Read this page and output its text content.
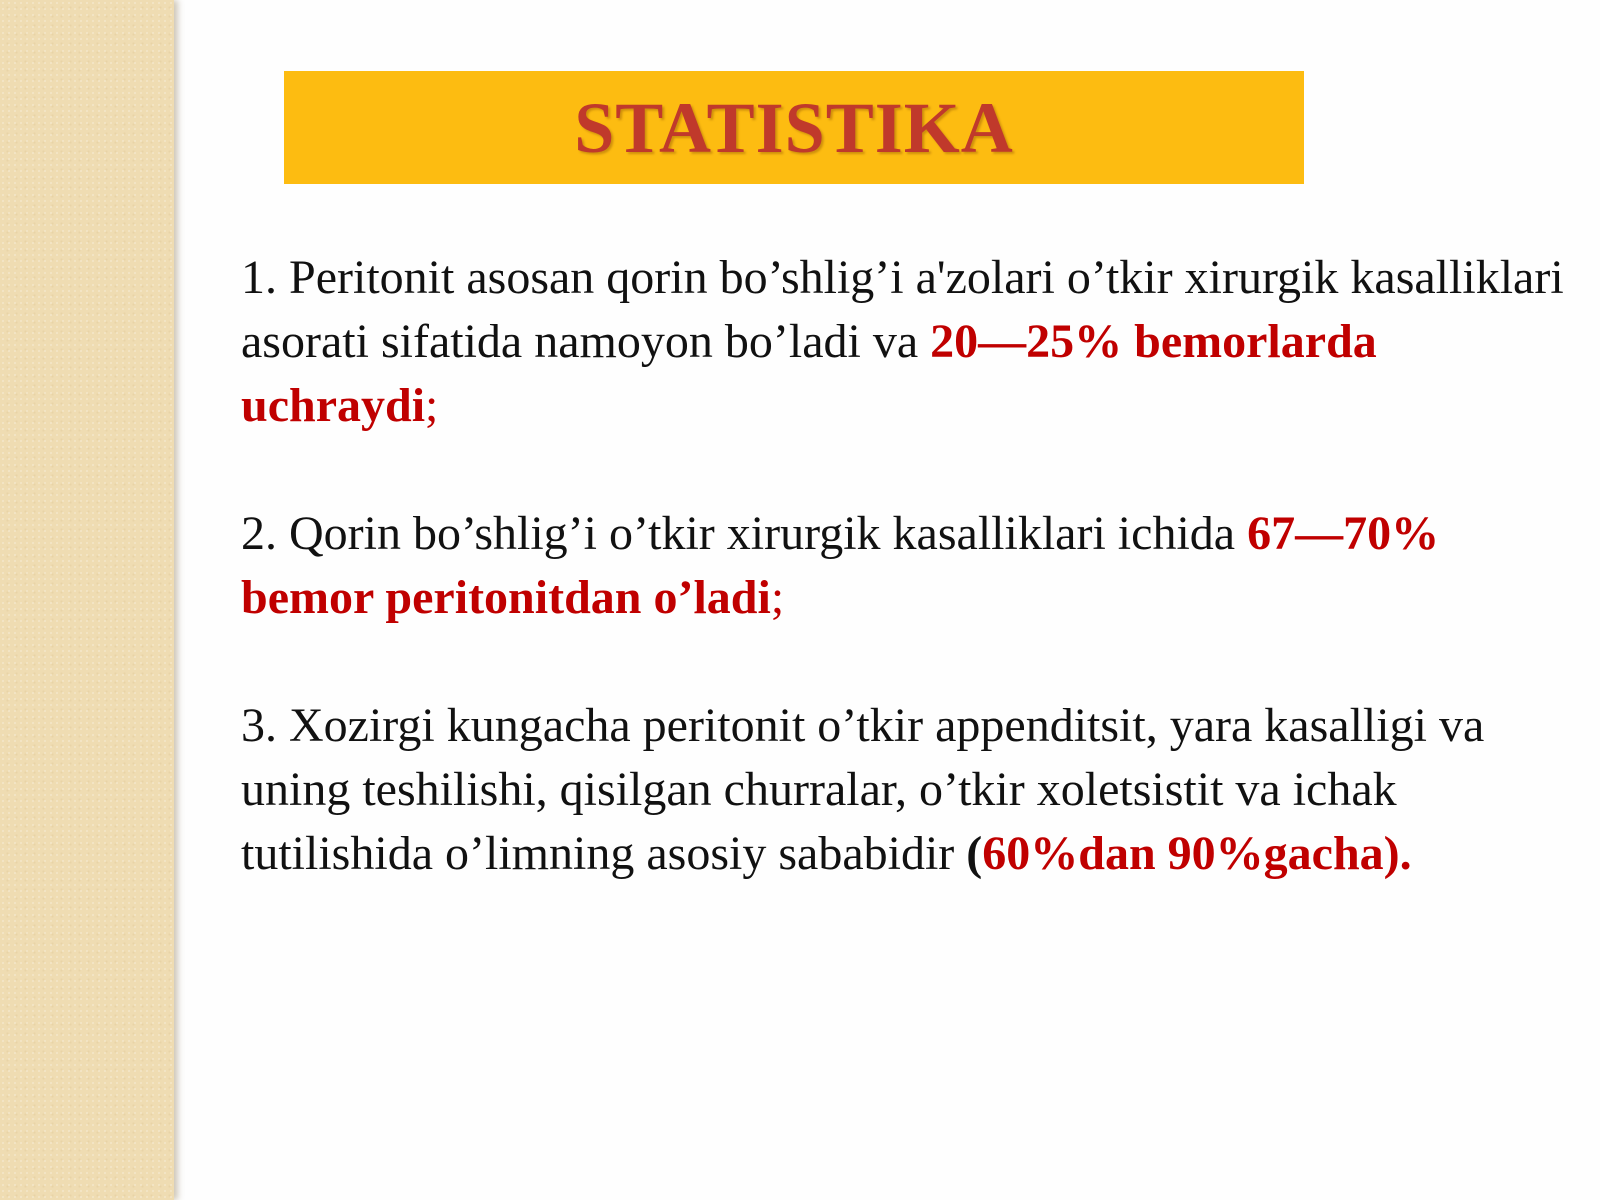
STATISTIKA

1. Peritonit asosan qorin bo’shlig’i a'zolari o’tkir xirurgik kasalliklari asorati sifatida namoyon bo’ladi va 20—25% bemorlarda uchraydi;

2. Qorin bo’shlig’i o’tkir xirurgik kasalliklari ichida 67—70% bemor peritonitdan o’ladi;

3. Xozirgi kungacha peritonit o’tkir appenditsit, yara kasalligi va uning teshilishi, qisilgan churralar, o’tkir xoletsistit va ichak tutilishida o’limning asosiy sababidir (60%dan 90%gacha).
